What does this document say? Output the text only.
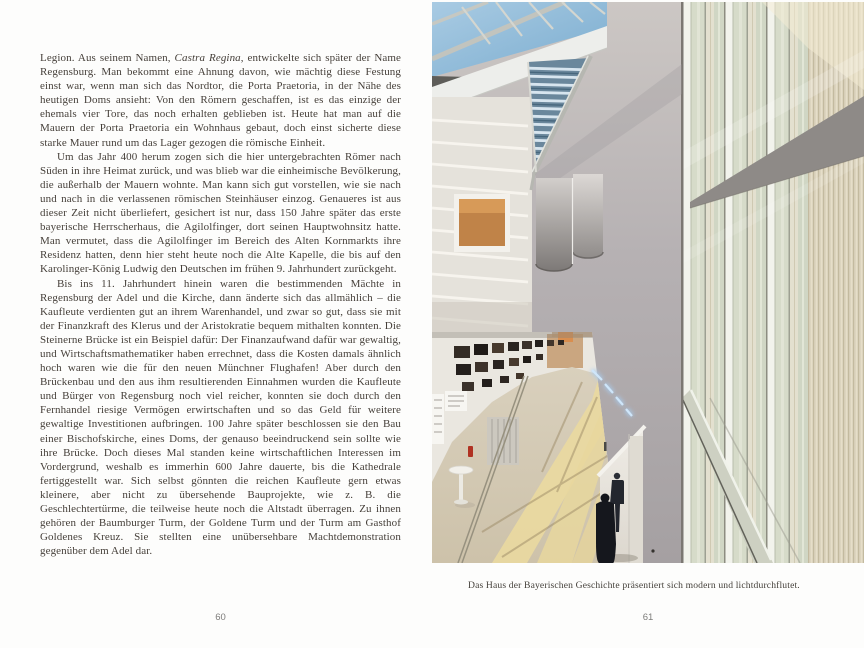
Legion. Aus seinem Namen, Castra Regina, entwickelte sich später der Name Regensburg. Man bekommt eine Ahnung davon, wie mächtig diese Festung einst war, wenn man sich das Nordtor, die Porta Praetoria, in der Nähe des heutigen Doms ansieht: Von den Römern geschaffen, ist es das einzige der ehemals vier Tore, das noch erhalten geblieben ist. Heute hat man auf die Mauern der Porta Praetoria ein Wohnhaus gebaut, doch einst sicherte diese starke Mauer rund um das Lager gezogen die römische Einheit.

Um das Jahr 400 herum zogen sich die hier untergebrachten Römer nach Süden in ihre Heimat zurück, und was blieb war die einheimische Bevölkerung, die außerhalb der Mauern wohnte. Man kann sich gut vorstellen, wie sie nach und nach in die verlassenen römischen Steinhäuser einzog. Genaueres ist aus dieser Zeit nicht überliefert, gesichert ist nur, dass 150 Jahre später das erste bayerische Herrscherhaus, die Agilolfinger, dort seinen Hauptwohnsitz hatte. Man vermutet, dass die Agilolfinger im Bereich des Alten Kornmarkts ihre Residenz hatten, denn hier steht heute noch die Alte Kapelle, die bis auf den Karolinger-König Ludwig den Deutschen im frühen 9. Jahrhundert zurückgeht.

Bis ins 11. Jahrhundert hinein waren die bestimmenden Mächte in Regensburg der Adel und die Kirche, dann änderte sich das allmählich – die Kaufleute verdienten gut an ihrem Warenhandel, und zwar so gut, dass sie mit der Finanzkraft des Klerus und der Aristokratie bequem mithalten konnten. Die Steinerne Brücke ist ein Beispiel dafür: Der Finanzaufwand dafür war gewaltig, und Wirtschaftsmathematiker haben errechnet, dass die Kosten damals ähnlich hoch waren wie die für den neuen Münchner Flughafen! Aber durch den Brückenbau und den aus ihm resultierenden Einnahmen wurden die Kaufleute und Bürger von Regensburg noch viel reicher, konnten sie doch durch den Fernhandel riesige Vermögen erwirtschaften und so das Geld für weitere gewaltige Investitionen aufbringen. 100 Jahre später beschlossen sie den Bau einer Bischofskirche, eines Doms, der genauso beeindruckend sein sollte wie ihre Brücke. Doch dieses Mal standen keine wirtschaftlichen Interessen im Vordergrund, weshalb es immerhin 600 Jahre dauerte, bis die Kathedrale fertiggestellt war. Sich selbst gönnten die reichen Kaufleute gern etwas kleinere, aber nicht zu übersehende Bauprojekte, wie z. B. die Geschlechtertürme, die teilweise heute noch die Altstadt überragen. Zu ihnen gehören der Baumburger Turm, der Goldene Turm und der Turm am Gasthof Goldenes Kreuz. Sie stellten eine unübersehbare Machtdemonstration gegenüber dem Adel dar.

60
Das Haus der Bayerischen Geschichte präsentiert sich modern und lichtdurchflutet.
61
